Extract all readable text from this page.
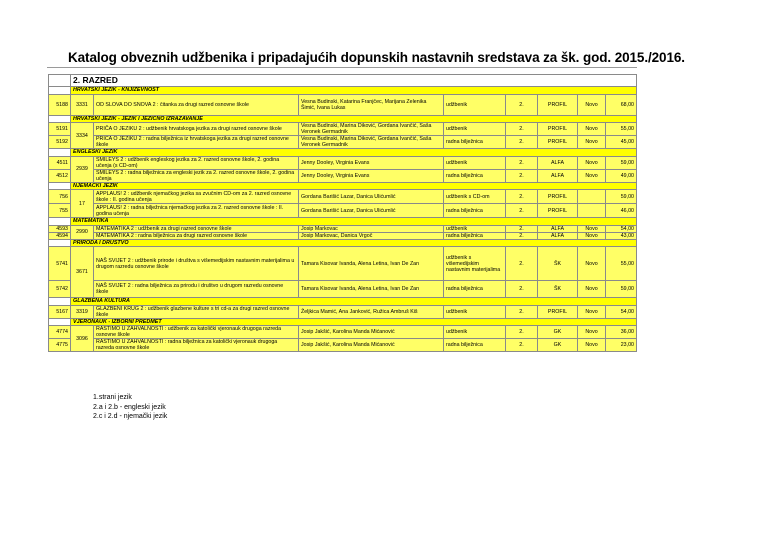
Katalog obveznih udžbenika i pripadajućih dopunskih nastavnih sredstava za šk. god. 2015./2016.
	2. RAZRED							
	HRVATSKI JEZIK - KNJIŽEVNOST							
5188	3331	OD SLOVA DO SNOVA 2 : čitanka za drugi razred osnovne škole	Vesna Budinski, Katarina Franjčec, Marijana Zelenika Šimić, Ivana Lukas	udžbenik	2.	PROFIL	Novo	68,00
	HRVATSKI JEZIK - JEZIK I JEZIČNO IZRAŽAVANJE							
5191	3334	PRIČA O JEZIKU 2 : udžbenik hrvatskoga jezika za drugi razred osnovne škole	Vesna Budinski, Marina Diković, Gordana Ivančić, Saša Veronek Germadnik	udžbenik	2.	PROFIL	Novo	55,00
5192		PRIČA O JEZIKU 2 : radna bilježnica iz hrvatskoga jezika za drugi razred osnovne škole	Vesna Budinski, Marina Diković, Gordana Ivančić, Saša Veronek Germadnik	radna bilježnica	2.	PROFIL	Novo	45,00
	ENGLESKI JEZIK							
4511	2939	SMILEYS 2 : udžbenik engleskog jezika za 2. razred osnovne škole, 2. godina učenja (s CD-om)	Jenny Dooley, Virginia Evans	udžbenik	2.	ALFA	Novo	59,00
4512		SMILEYS 2 : radna bilježnica za engleski jezik za 2. razred osnovne škole, 2. godina učenja	Jenny Dooley, Virginia Evans	radna bilježnica	2.	ALFA	Novo	49,00
	NJEMAČKI JEZIK							
756	17	APPLAUS! 2 : udžbenik njemačkog jezika sa zvučnim CD-om za 2. razred osnovne škole : II. godina učenja	Gordana Barišić Lazar, Danica Ulićumlić	udžbenik s CD-om	2.	PROFIL		59,00
755		APPLAUS! 2 : radna bilježnica njemačkog jezika za 2. razred osnovne škole : II. godina učenja	Gordana Barišić Lazar, Danica Ulićumlić	radna bilježnica	2.	PROFIL		46,00
	MATEMATIKA							
4593	2990	MATEMATIKA 2 : udžbenik za drugi razred osnovne škole	Josip Markovac	udžbenik	2.	ALFA	Novo	54,00
4594		MATEMATIKA 2 : radna bilježnica za drugi razred osnovne škole	Josip Markovac, Danica Vrgoč	radna bilježnica	2.	ALFA	Novo	43,00
	PRIRODA I DRUŠTVO							
5741	3671	NAŠ SVIJET 2 : udžbenik prirode i društva s višemedijskim nastavnim materijalima u drugom razredu osnovne škole	Tamara Kisovar Ivanda, Alena Letina, Ivan De Zan	udžbenik s višemedijskim nastavnim materijalima	2.	ŠK	Novo	55,00
5742		NAŠ SVIJET 2 : radna bilježnica za prirodu i društvo u drugom razredu osnovne škole	Tamara Kisovar Ivanda, Alena Letina, Ivan De Zan	radna bilježnica	2.	ŠK	Novo	59,00
	GLAZBENA KULTURA							
5167	3319	GLAZBENI KRUG 2 : udžbenik glazbene kulture s tri cd-a za drugi razred osnovne škole	Željkica Mamić, Ana Janković, Ružica Ambruš Kiš	udžbenik	2.	PROFIL	Novo	54,00
	VJERONAUK - IZBORNI PREDMET							
4774	3096	RASTIMO U ZAHVALNOSTI : udžbenik za katolički vjeronauk drugoga razreda osnovne škole	Josip Jakšić, Karolina Manda Mićanović	udžbenik	2.	GK	Novo	36,00
4775		RASTIMO U ZAHVALNOSTI : radna bilježnica za katolički vjeronauk drugoga razreda osnovne škole	Josip Jakšić, Karolina Manda Mićanović	radna bilježnica	2.	GK	Novo	23,00
1.strani jezik
2.a i 2.b - engleski jezik
2.c i 2.d - njemački jezik
